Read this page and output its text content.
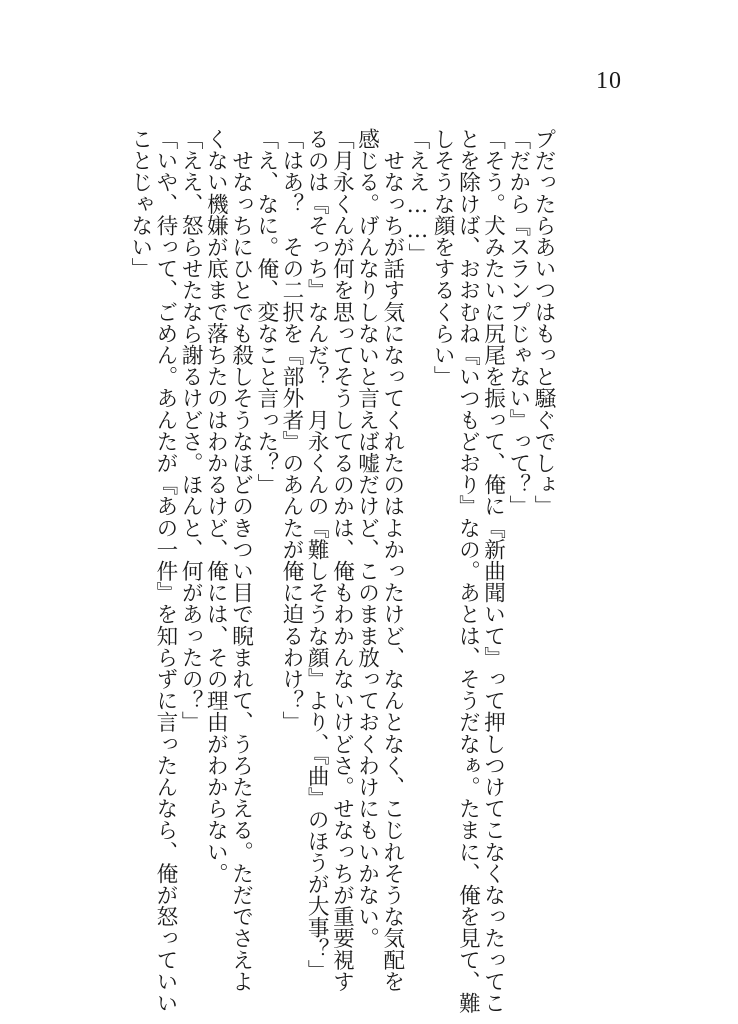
10
プだったらあいつはもっと騒ぐでしょ」
「だから『スランプじゃない』って？」
「そう。犬みたいに尻尾を振って、俺に『新曲聞いて』って押しつけてこなくなったってこ
とを除けば、おおむね『いつもどおり』なの。あとは、そうだなぁ。たまに、俺を見て、難
しそうな顔をするくらい」
「ええ……」
　せなっちが話す気になってくれたのはよかったけど、なんとなく、こじれそうな気配を
感じる。げんなりしないと言えば嘘だけど、このまま放っておくわけにもいかない。
「月永くんが何を思ってそうしてるのかは、俺もわかんないけどさ。せなっちが重要視す
るのは『そっち』なんだ？　月永くんの『難しそうな顔』より、『曲』のほうが大事？」
「はあ？　その二択を『部外者』のあんたが俺に迫るわけ？」
「え、なに。俺、変なこと言った？」
　せなっちにひとでも殺しそうなほどのきつい目で睨まれて、うろたえる。ただでさえよ
くない機嫌が底まで落ちたのはわかるけど、俺には、その理由がわからない。
「ええ、怒らせたなら謝るけどさ。ほんと、何があったの？」
「いや、待って、ごめん。あんたが『あの一件』を知らずに言ったんなら、俺が怒っていい
ことじゃない」
